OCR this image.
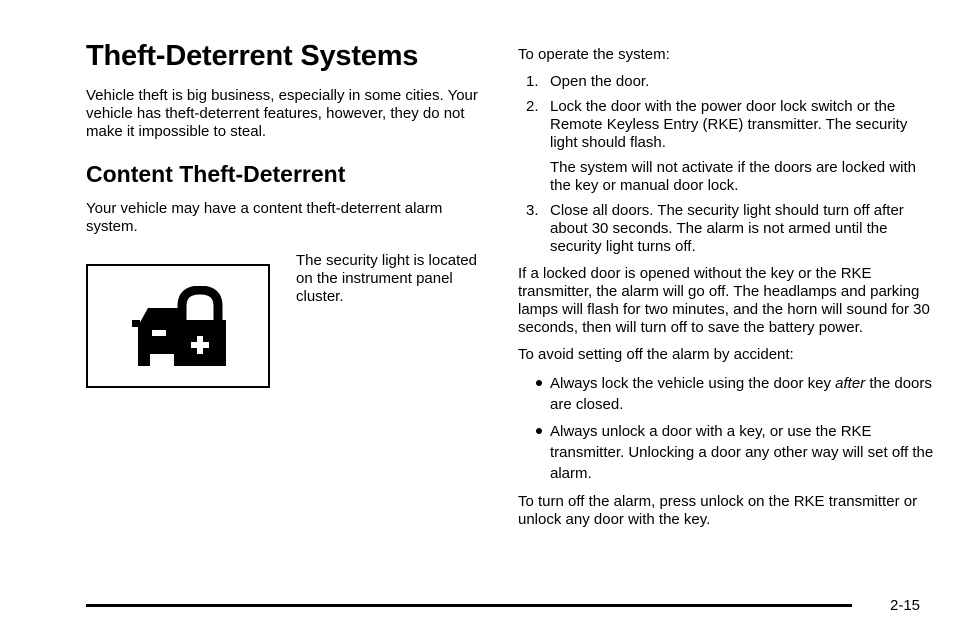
Theft-Deterrent Systems

Vehicle theft is big business, especially in some cities. Your vehicle has theft-deterrent features, however, they do not make it impossible to steal.

Content Theft-Deterrent

Your vehicle may have a content theft-deterrent alarm system.

The security light is located on the instrument panel cluster.

To operate the system:

1. Open the door.
2. Lock the door with the power door lock switch or the Remote Keyless Entry (RKE) transmitter. The security light should flash.

The system will not activate if the doors are locked with the key or manual door lock.

3. Close all doors. The security light should turn off after about 30 seconds. The alarm is not armed until the security light turns off.

If a locked door is opened without the key or the RKE transmitter, the alarm will go off. The headlamps and parking lamps will flash for two minutes, and the horn will sound for 30 seconds, then will turn off to save the battery power.

To avoid setting off the alarm by accident:

Always lock the vehicle using the door key after the doors are closed.
Always unlock a door with a key, or use the RKE transmitter. Unlocking a door any other way will set off the alarm.

To turn off the alarm, press unlock on the RKE transmitter or unlock any door with the key.

2-15
